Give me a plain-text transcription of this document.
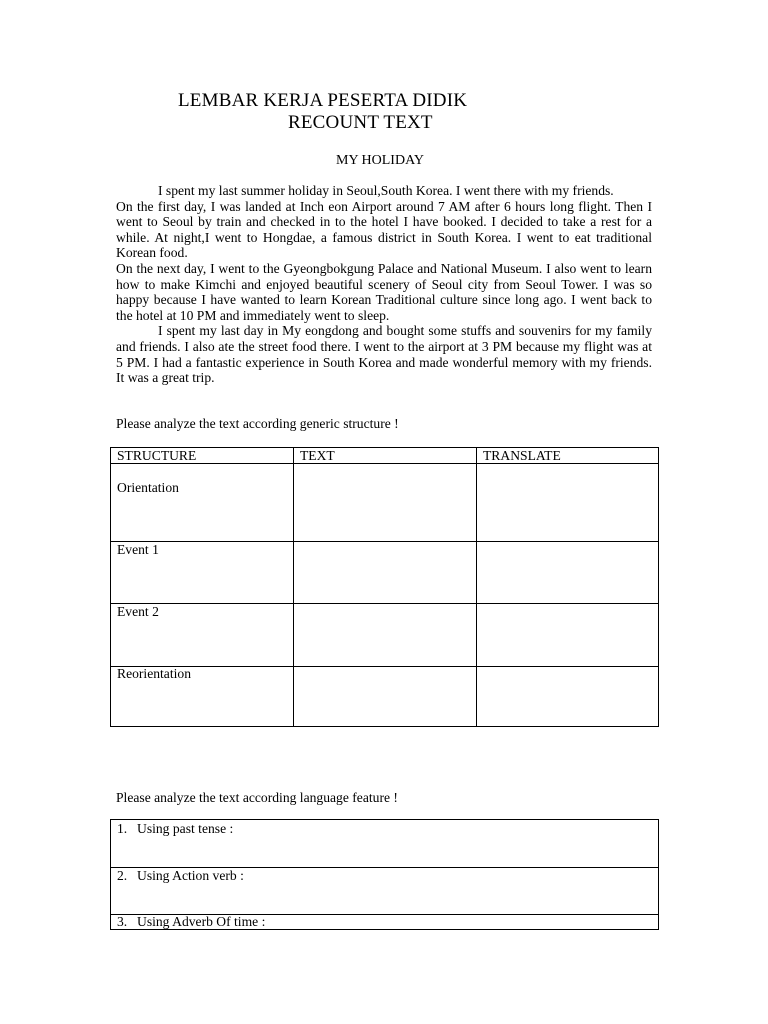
LEMBAR KERJA PESERTA DIDIK
RECOUNT TEXT
MY HOLIDAY

I spent my last summer holiday in Seoul,South Korea. I went there with my friends.

On the first day, I was landed at Inch eon Airport around 7 AM after 6 hours long flight. Then I went to Seoul by train and checked in to the hotel I have booked. I decided to take a rest for a while. At night,I went to Hongdae, a famous district in South Korea. I went to eat traditional Korean food.

On the next day, I went to the Gyeongbokgung Palace and National Museum. I also went to learn how to make Kimchi and enjoyed beautiful scenery of Seoul city from Seoul Tower. I was so happy because I have wanted to learn Korean Traditional culture since long ago. I went back to the hotel at 10 PM and immediately went to sleep.

I spent my last day in My eongdong and bought some stuffs and souvenirs for my family and friends. I also ate the street food there. I went to the airport at 3 PM because my flight was at 5 PM. I had a fantastic experience in South Korea and made wonderful memory with my friends. It was a great trip.

Please analyze the text according generic structure !
STRUCTURE	TEXT	TRANSLATE
Orientation
Event 1
Event 2
Reorientation
Please analyze the text according language feature !
1. Using past tense :
2. Using Action verb :
3. Using Adverb Of time :
